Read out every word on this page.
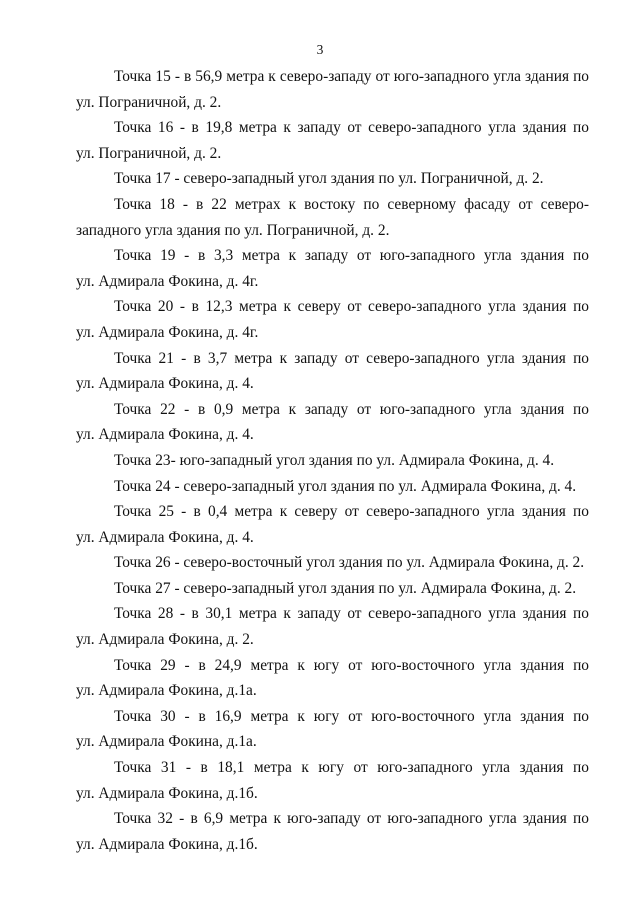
3

Точка 15 - в 56,9 метра к северо-западу от юго-западного угла здания по
ул. Пограничной, д. 2.

Точка 16 - в 19,8 метра к западу от северо-западного угла здания по
ул. Пограничной, д. 2.

Точка 17 - северо-западный угол здания по ул. Пограничной, д. 2.

Точка 18 - в 22 метрах к востоку по северному фасаду от северо-
западного угла здания по ул. Пограничной, д. 2.

Точка 19 - в 3,3 метра к западу от юго-западного угла здания по
ул. Адмирала Фокина, д. 4г.

Точка 20 - в 12,3 метра к северу от северо-западного угла здания по
ул. Адмирала Фокина, д. 4г.

Точка 21 - в 3,7 метра к западу от северо-западного угла здания по
ул. Адмирала Фокина, д. 4.

Точка 22 - в 0,9 метра к западу от юго-западного угла здания по
ул. Адмирала Фокина, д. 4.

Точка 23- юго-западный угол здания по ул. Адмирала Фокина, д. 4.

Точка 24 - северо-западный угол здания по ул. Адмирала Фокина, д. 4.

Точка 25 - в 0,4 метра к северу от северо-западного угла здания по
ул. Адмирала Фокина, д. 4.

Точка 26 - северо-восточный угол здания по ул. Адмирала Фокина, д. 2.

Точка 27 - северо-западный угол здания по ул. Адмирала Фокина, д. 2.

Точка 28 - в 30,1 метра к западу от северо-западного угла здания по
ул. Адмирала Фокина, д. 2.

Точка 29 - в 24,9 метра к югу от юго-восточного угла здания по
ул. Адмирала Фокина, д.1а.

Точка 30 - в 16,9 метра к югу от юго-восточного угла здания по
ул. Адмирала Фокина, д.1а.

Точка 31 - в 18,1 метра к югу от юго-западного угла здания по
ул. Адмирала Фокина, д.1б.

Точка 32 - в 6,9 метра к юго-западу от юго-западного угла здания по
ул. Адмирала Фокина, д.1б.
